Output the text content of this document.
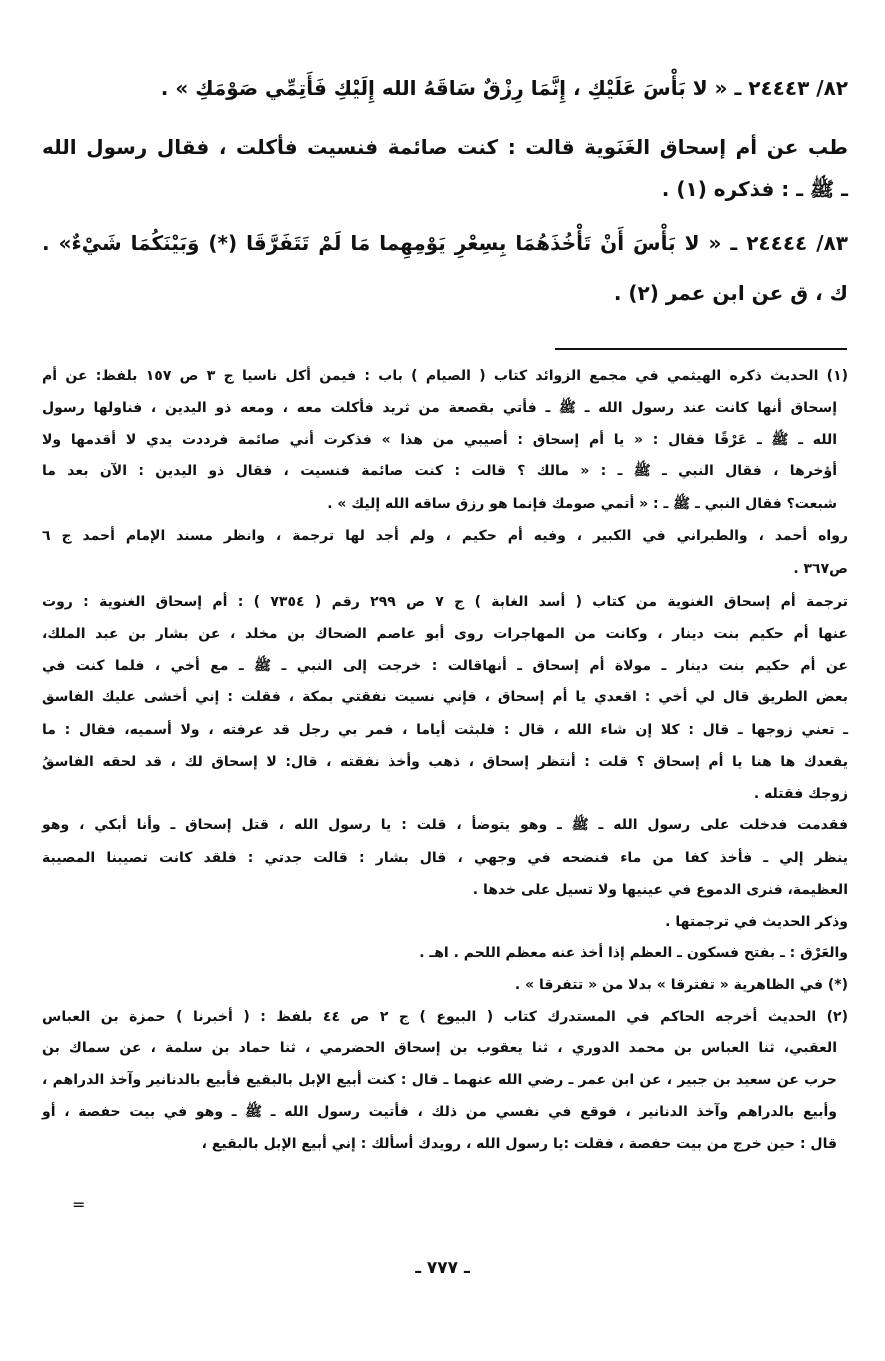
٨٢/ ٢٤٤٤٣ ـ « لا بَأْسَ عَلَيْكِ ، إِنَّمَا رِزْقٌ سَاقَهُ الله إِلَيْكِ فَأَتِمِّي صَوْمَكِ » .
طب عن أم إسحاق الغَنَوية قالت : كنت صائمة فنسيت فأكلت ، فقال رسول الله
ـ ﷺ ـ : فذكره (١) .
٨٣/ ٢٤٤٤٤ ـ « لا بَأْسَ أَنْ تَأْخُذَهُمَا بِسِعْرِ يَوْمِهِما مَا لَمْ تَتَفَرَّقَا (*) وَبَيْنَكُمَا شَيْءٌ» .
ك ، ق عن ابن عمر (٢) .
(١) الحديث ذكره الهيثمي في مجمع الزوائد كتاب ( الصيام ) باب : فيمن أكل ناسيا ج ٣ ص ١٥٧ بلفظ: عن أم
إسحاق أنها كانت عند رسول الله ـ ﷺ ـ فأتي بقصعة من ثريد فأكلت معه ، ومعه ذو اليدين ، فناولها رسول
الله ـ ﷺ ـ عَرْقًا فقال : « يا أم إسحاق : أصيبي من هذا » فذكرت أني صائمة فرددت يدي لا أقدمها ولا
أؤخرها ، فقال النبي ـ ﷺ ـ : « مالك ؟ قالت : كنت صائمة فنسيت ، فقال ذو اليدين : الآن بعد ما
شبعت؟ فقال النبي ـ ﷺ ـ : « أتمي صومك فإنما هو رزق ساقه الله إليك » .
رواه أحمد ، والطبراني في الكبير ، وفيه أم حكيم ، ولم أجد لها ترجمة ، وانظر مسند الإمام أحمد ج ٦
ص٣٦٧ .
ترجمة أم إسحاق الغنوية من كتاب ( أسد الغابة ) ج ٧ ص ٢٩٩ رقم ( ٧٣٥٤ ) : أم إسحاق الغنوية : روت
عنها أم حكيم بنت دينار ، وكانت من المهاجرات روى أبو عاصم الضحاك بن مخلد ، عن بشار بن عبد الملك،
عن أم حكيم بنت دينار ـ مولاة أم إسحاق ـ أنهاقالت : خرجت إلى النبي ـ ﷺ ـ مع أخي ، فلما كنت في
بعض الطريق قال لي أخي : اقعدي يا أم إسحاق ، فإني نسيت نفقتي بمكة ، فقلت : إني أخشى عليك الفاسق
ـ تعني زوجها ـ قال : كلا إن شاء الله ، قال : فلبثت أياما ، فمر بي رجل قد عرفته ، ولا أسميه، فقال : ما
يقعدك ها هنا يا أم إسحاق ؟ قلت : أنتظر إسحاق ، ذهب وأخذ نفقته ، قال: لا إسحاق لك ، قد لحقه الفاسقُ
زوجك فقتله .
فقدمت فدخلت على رسول الله ـ ﷺ ـ وهو يتوضأ ، قلت : يا رسول الله ، قتل إسحاق ـ وأنا أبكي ، وهو
ينظر إلي ـ فأخذ كفا من ماء فنضحه في وجهي ، قال بشار : قالت جدتي : فلقد كانت تصيبنا المصيبة
العظيمة، فنرى الدموع في عينيها ولا تسيل على خدها .
وذكر الحديث في ترجمتها .
والعَرْق : ـ بفتح فسكون ـ العظم إذا أخذ عنه معظم اللحم . اهـ .
(*) في الظاهرية « تفترقا » بدلا من « تتفرقا » .
(٢) الحديث أخرجه الحاكم في المستدرك كتاب ( البيوع ) ج ٢ ص ٤٤ بلفظ : ( أخبرنا ) حمزة بن العباس
العقبي، ثنا العباس بن محمد الدوري ، ثنا يعقوب بن إسحاق الحضرمي ، ثنا حماد بن سلمة ، عن سماك بن
حرب عن سعيد بن جبير ، عن ابن عمر ـ رضي الله عنهما ـ قال : كنت أبيع الإبل بالبقيع فأبيع بالدنانير وآخذ الدراهم ،
وأبيع بالدراهم وآخذ الدنانير ، فوقع في نفسي من ذلك ، فأتيت رسول الله ـ ﷺ ـ وهو في بيت حفصة ، أو
قال : حين خرج من بيت حفصة ، فقلت :يا رسول الله ، رويدك أسألك : إني أبيع الإبل بالبقيع ،
=
ـ ٧٧٧ ـ
